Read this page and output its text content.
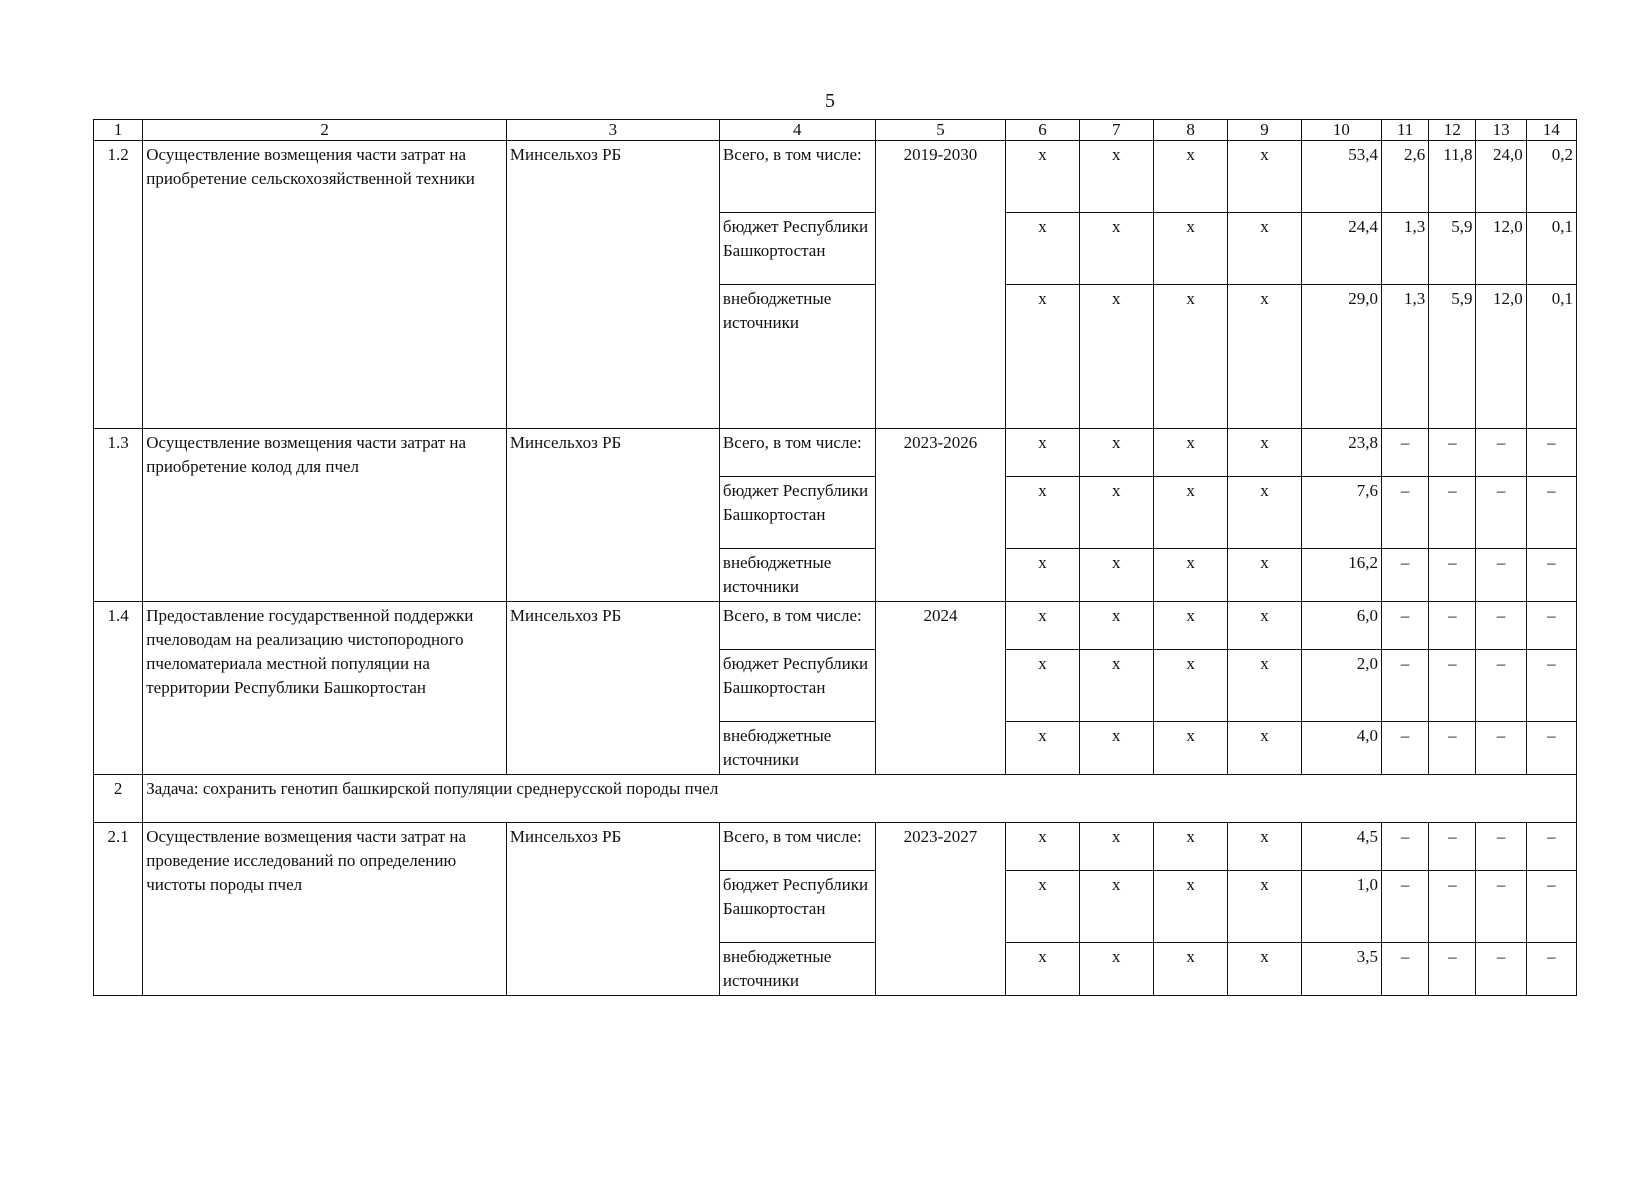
5
1	2	3	4	5	6	7	8	9	10	11	12	13	14
1.2	Осуществление возмещения части затрат на приобретение сельскохозяйственной техники	Минсельхоз РБ	Всего, в том числе:	2019-2030	х	х	х	х	53,4	2,6	11,8	24,0	0,2
			бюджет Республики Башкортостан		х	х	х	х	24,4	1,3	5,9	12,0	0,1
			внебюджетные источники		х	х	х	х	29,0	1,3	5,9	12,0	0,1
1.3	Осуществление возмещения части затрат на приобретение колод для пчел	Минсельхоз РБ	Всего, в том числе:	2023-2026	х	х	х	х	23,8	–	–	–	–
			бюджет Республики Башкортостан		х	х	х	х	7,6	–	–	–	–
			внебюджетные источники		х	х	х	х	16,2	–	–	–	–
1.4	Предоставление государственной поддержки пчеловодам на реализацию чистопородного пчеломатериала местной популяции на территории Республики Башкортостан	Минсельхоз РБ	Всего, в том числе:	2024	х	х	х	х	6,0	–	–	–	–
			бюджет Республики Башкортостан		х	х	х	х	2,0	–	–	–	–
			внебюджетные источники		х	х	х	х	4,0	–	–	–	–
2	Задача: сохранить генотип башкирской популяции среднерусской породы пчел												
2.1	Осуществление возмещения части затрат на проведение исследований по определению чистоты породы пчел	Минсельхоз РБ	Всего, в том числе:	2023-2027	х	х	х	х	4,5	–	–	–	–
			бюджет Республики Башкортостан		х	х	х	х	1,0	–	–	–	–
			внебюджетные источники		х	х	х	х	3,5	–	–	–	–
